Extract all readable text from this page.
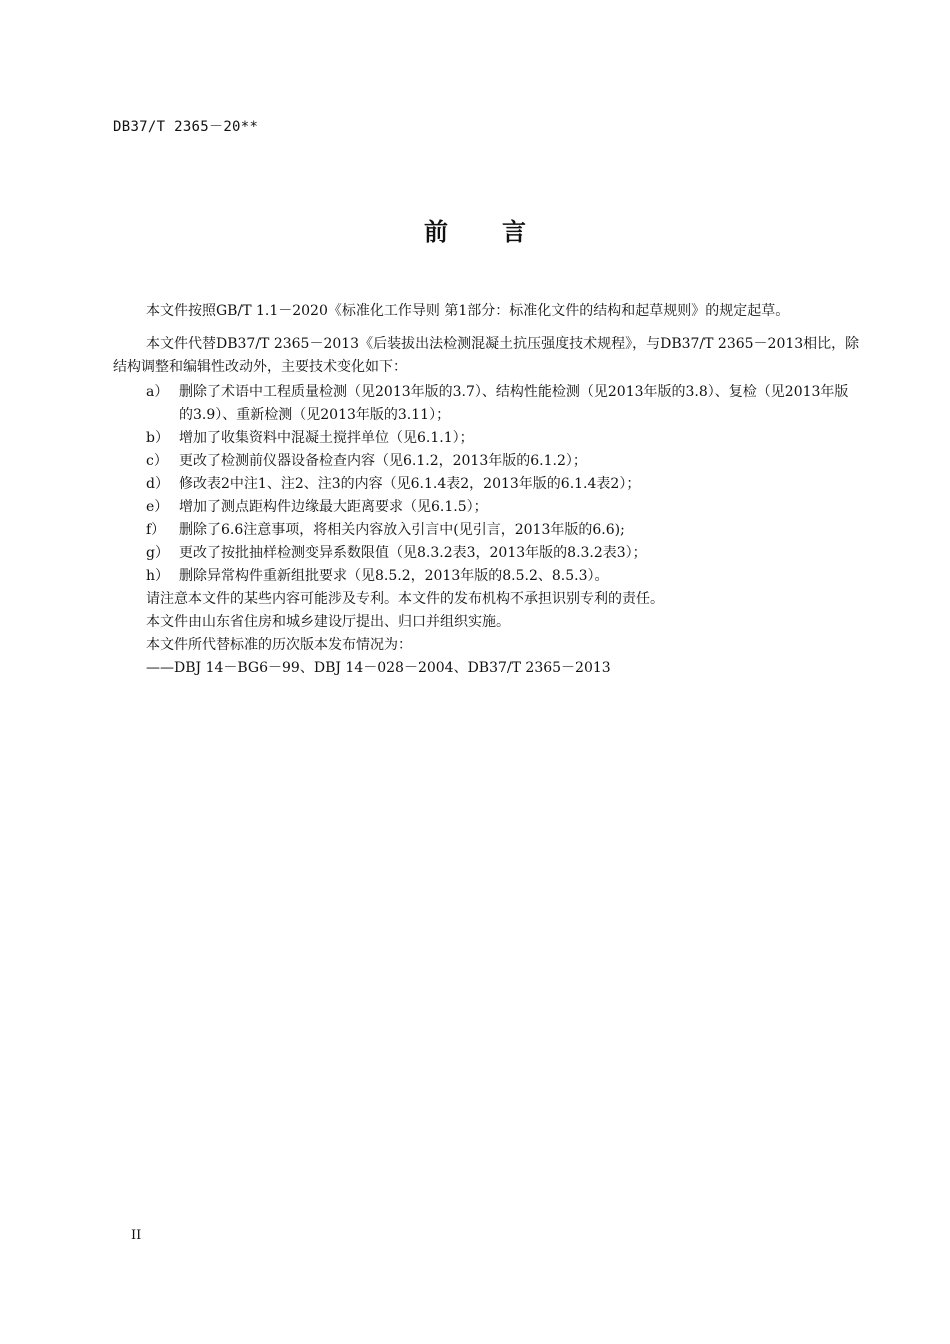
DB37/T 2365－20**
前 言

本文件按照GB/T 1.1－2020《标准化工作导则 第1部分：标准化文件的结构和起草规则》的规定起草。

本文件代替DB37/T 2365－2013《后装拔出法检测混凝土抗压强度技术规程》，与DB37/T 2365－2013相比，除结构调整和编辑性改动外，主要技术变化如下：

a） 删除了术语中工程质量检测（见2013年版的3.7）、结构性能检测（见2013年版的3.8）、复检（见2013年版的3.9）、重新检测（见2013年版的3.11）；
b） 增加了收集资料中混凝土搅拌单位（见6.1.1）；
c） 更改了检测前仪器设备检查内容（见6.1.2，2013年版的6.1.2）；
d） 修改表2中注1、注2、注3的内容（见6.1.4表2，2013年版的6.1.4表2）；
e） 增加了测点距构件边缘最大距离要求（见6.1.5）；
f） 删除了6.6注意事项，将相关内容放入引言中(见引言，2013年版的6.6);
g） 更改了按批抽样检测变异系数限值（见8.3.2表3，2013年版的8.3.2表3）；
h） 删除异常构件重新组批要求（见8.5.2，2013年版的8.5.2、8.5.3）。

请注意本文件的某些内容可能涉及专利。本文件的发布机构不承担识别专利的责任。

本文件由山东省住房和城乡建设厅提出、归口并组织实施。

本文件所代替标准的历次版本发布情况为：

——DBJ 14－BG6－99、DBJ 14－028－2004、DB37/T 2365－2013

II
